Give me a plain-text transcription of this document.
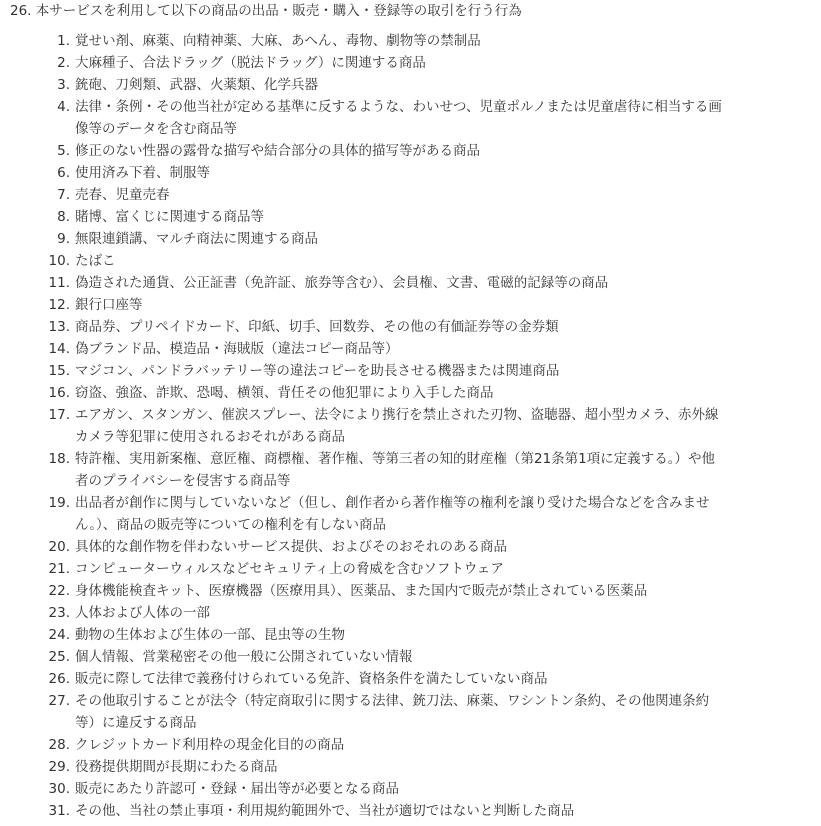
26. 本サービスを利用して以下の商品の出品・販売・購入・登録等の取引を行う行為

1. 覚せい剤、麻薬、向精神薬、大麻、あへん、毒物、劇物等の禁制品
2. 大麻種子、合法ドラッグ（脱法ドラッグ）に関連する商品
3. 銃砲、刀剣類、武器、火薬類、化学兵器
4. 法律・条例・その他当社が定める基準に反するような、わいせつ、児童ポルノまたは児童虐待に相当する画像等のデータを含む商品等
5. 修正のない性器の露骨な描写や結合部分の具体的描写等がある商品
6. 使用済み下着、制服等
7. 売春、児童売春
8. 賭博、富くじに関連する商品等
9. 無限連鎖講、マルチ商法に関連する商品
10. たばこ
11. 偽造された通貨、公正証書（免許証、旅券等含む）、会員権、文書、電磁的記録等の商品
12. 銀行口座等
13. 商品券、プリペイドカード、印紙、切手、回数券、その他の有価証券等の金券類
14. 偽ブランド品、模造品・海賊版（違法コピー商品等）
15. マジコン、パンドラバッテリー等の違法コピーを助長させる機器または関連商品
16. 窃盗、強盗、詐欺、恐喝、横領、背任その他犯罪により入手した商品
17. エアガン、スタンガン、催涙スプレー、法令により携行を禁止された刃物、盗聴器、超小型カメラ、赤外線カメラ等犯罪に使用されるおそれがある商品
18. 特許権、実用新案権、意匠権、商標権、著作権、等第三者の知的財産権（第21条第1項に定義する。）や他者のプライバシーを侵害する商品等
19. 出品者が創作に関与していないなど（但し、創作者から著作権等の権利を譲り受けた場合などを含みません。）、商品の販売等についての権利を有しない商品
20. 具体的な創作物を伴わないサービス提供、およびそのおそれのある商品
21. コンピューターウィルスなどセキュリティ上の脅威を含むソフトウェア
22. 身体機能検査キット、医療機器（医療用具）、医薬品、また国内で販売が禁止されている医薬品
23. 人体および人体の一部
24. 動物の生体および生体の一部、昆虫等の生物
25. 個人情報、営業秘密その他一般に公開されていない情報
26. 販売に際して法律で義務付けられている免許、資格条件を満たしていない商品
27. その他取引することが法令（特定商取引に関する法律、銃刀法、麻薬、ワシントン条約、その他関連条約等）に違反する商品
28. クレジットカード利用枠の現金化目的の商品
29. 役務提供期間が長期にわたる商品
30. 販売にあたり許認可・登録・届出等が必要となる商品
31. その他、当社の禁止事項・利用規約範囲外で、当社が適切ではないと判断した商品
